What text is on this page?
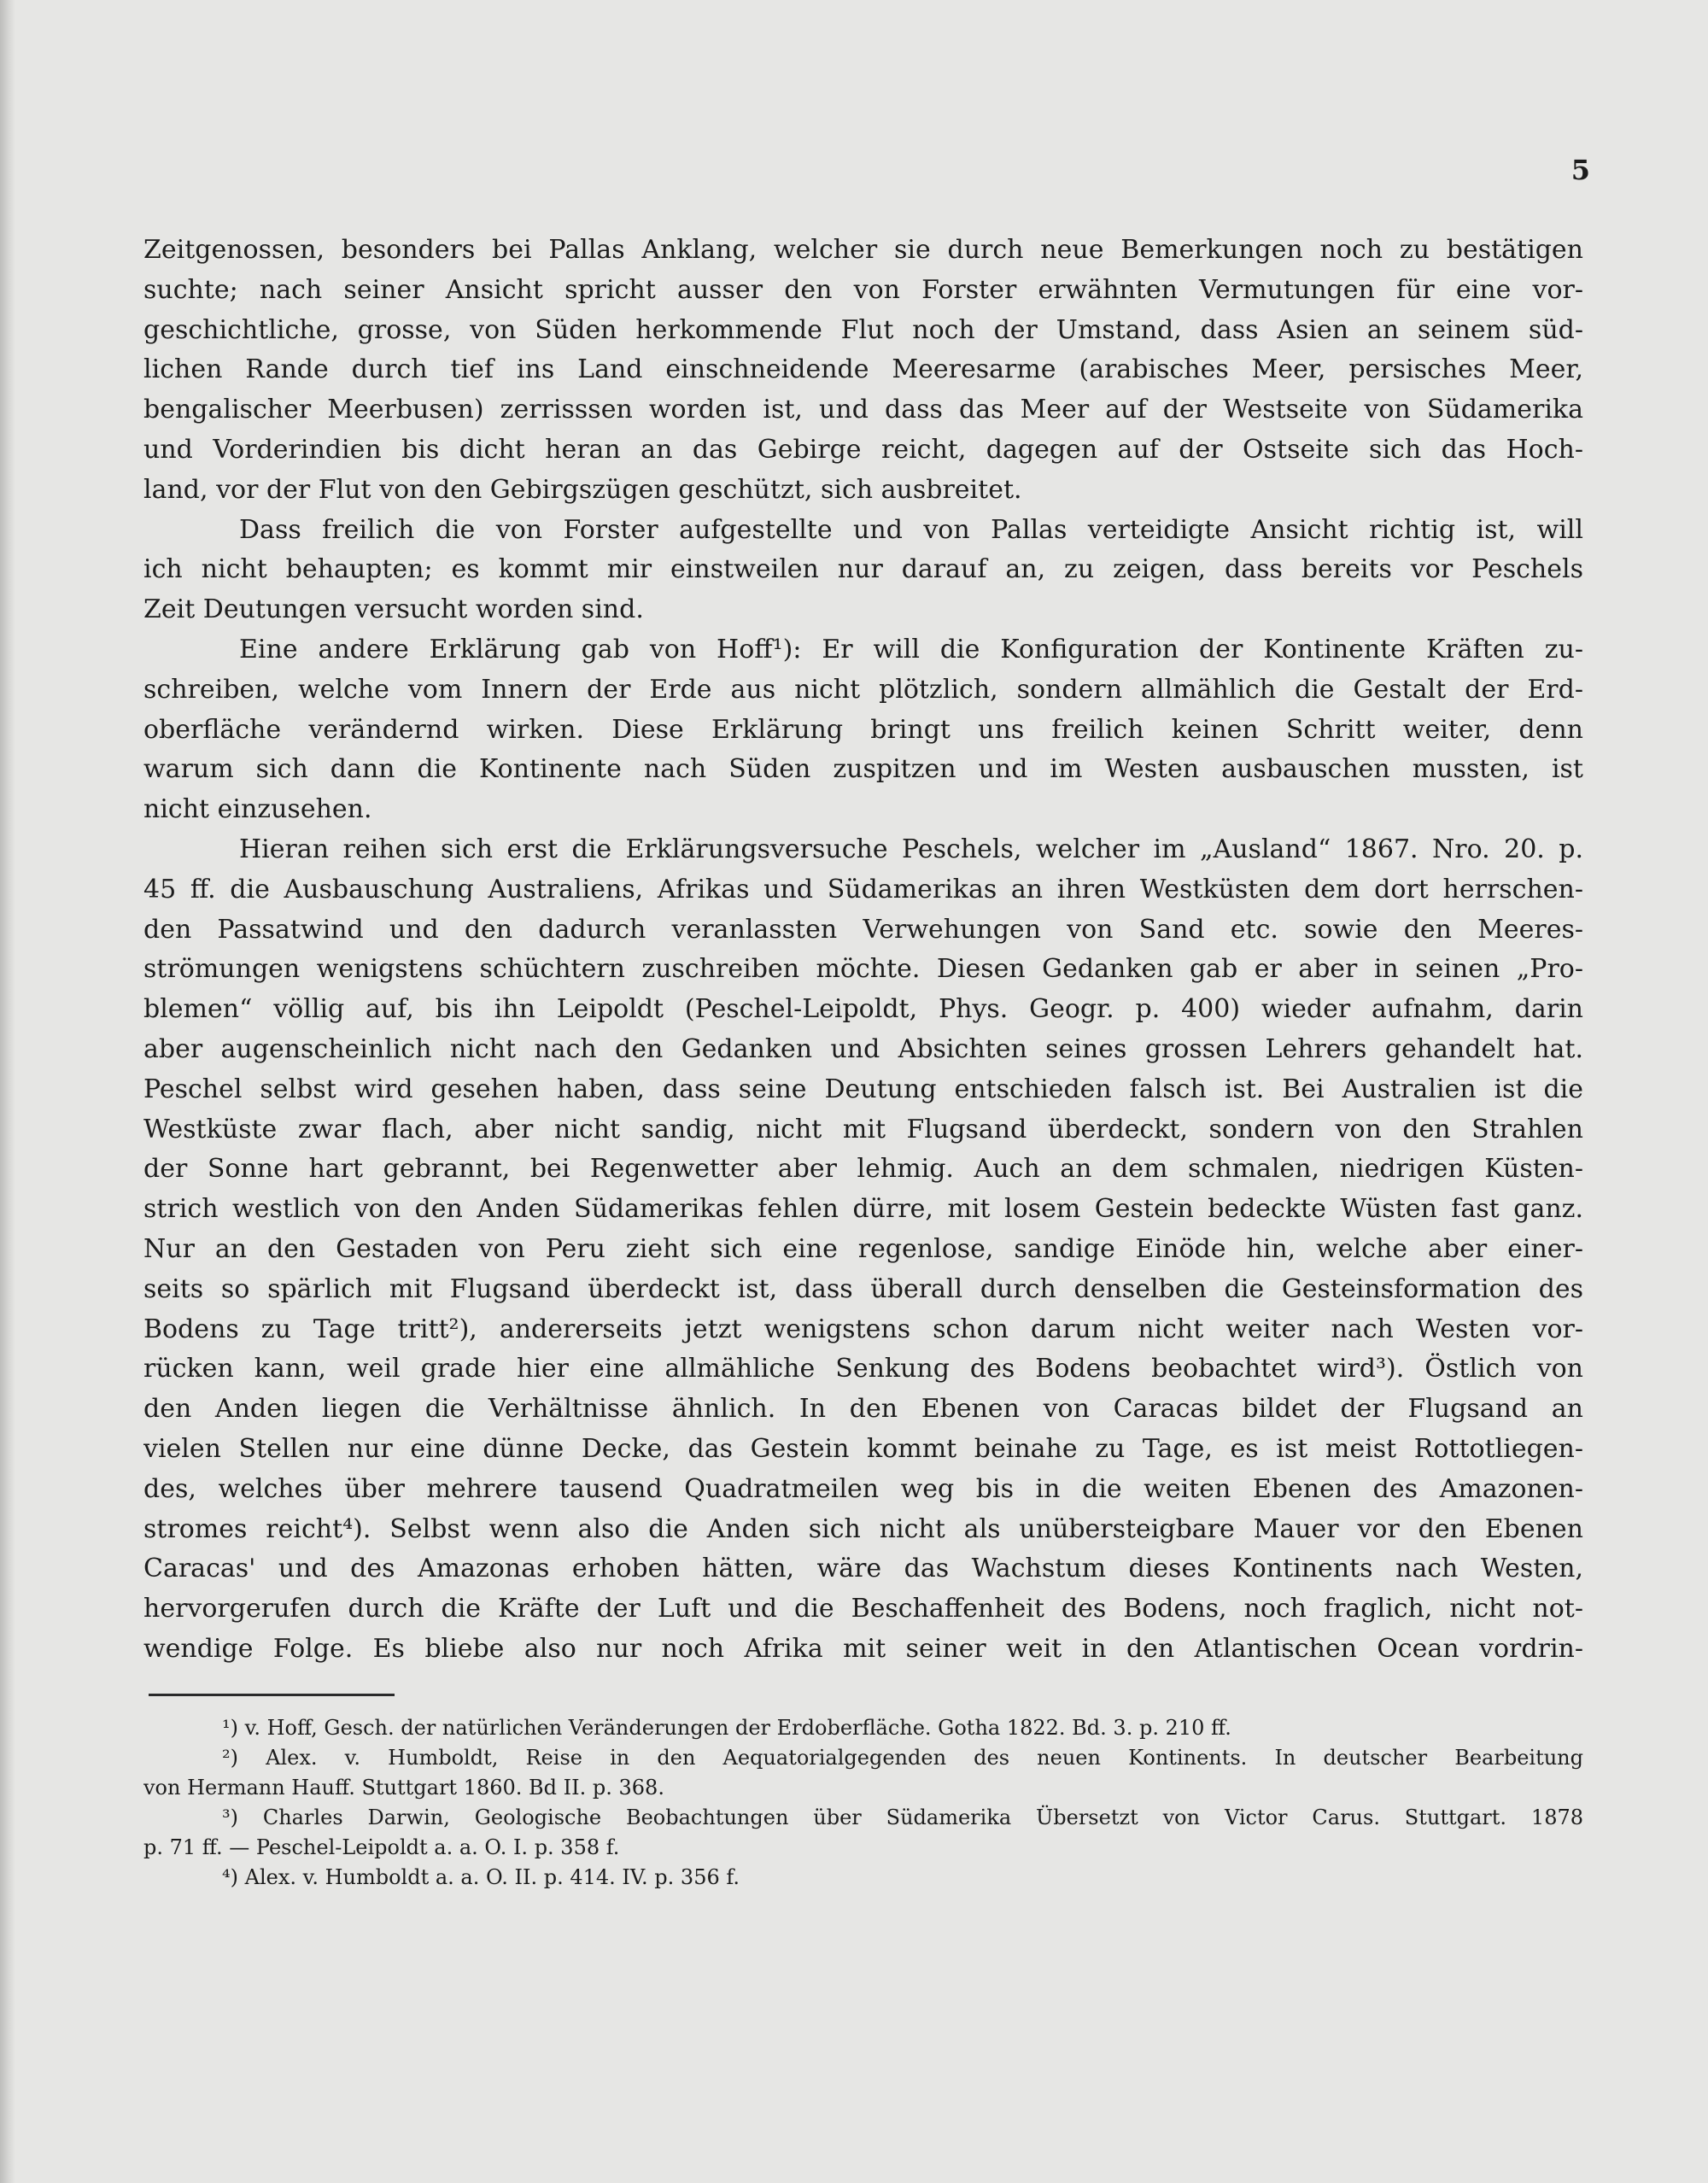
5
Zeitgenossen, besonders bei Pallas Anklang, welcher sie durch neue Bemerkungen noch zu bestätigen
suchte; nach seiner Ansicht spricht ausser den von Forster erwähnten Vermutungen für eine vor-
geschichtliche, grosse, von Süden herkommende Flut noch der Umstand, dass Asien an seinem süd-
lichen Rande durch tief ins Land einschneidende Meeresarme (arabisches Meer, persisches Meer,
bengalischer Meerbusen) zerrisssen worden ist, und dass das Meer auf der Westseite von Südamerika
und Vorderindien bis dicht heran an das Gebirge reicht, dagegen auf der Ostseite sich das Hoch-
land, vor der Flut von den Gebirgszügen geschützt, sich ausbreitet.
Dass freilich die von Forster aufgestellte und von Pallas verteidigte Ansicht richtig ist, will
ich nicht behaupten; es kommt mir einstweilen nur darauf an, zu zeigen, dass bereits vor Peschels
Zeit Deutungen versucht worden sind.
Eine andere Erklärung gab von Hoff¹): Er will die Konfiguration der Kontinente Kräften zu-
schreiben, welche vom Innern der Erde aus nicht plötzlich, sondern allmählich die Gestalt der Erd-
oberfläche verändernd wirken. Diese Erklärung bringt uns freilich keinen Schritt weiter, denn
warum sich dann die Kontinente nach Süden zuspitzen und im Westen ausbauschen mussten, ist
nicht einzusehen.
Hieran reihen sich erst die Erklärungsversuche Peschels, welcher im „Ausland“ 1867. Nro. 20. p.
45 ff. die Ausbauschung Australiens, Afrikas und Südamerikas an ihren Westküsten dem dort herrschen-
den Passatwind und den dadurch veranlassten Verwehungen von Sand etc. sowie den Meeres-
strömungen wenigstens schüchtern zuschreiben möchte. Diesen Gedanken gab er aber in seinen „Pro-
blemen“ völlig auf, bis ihn Leipoldt (Peschel-Leipoldt, Phys. Geogr. p. 400) wieder aufnahm, darin
aber augenscheinlich nicht nach den Gedanken und Absichten seines grossen Lehrers gehandelt hat.
Peschel selbst wird gesehen haben, dass seine Deutung entschieden falsch ist. Bei Australien ist die
Westküste zwar flach, aber nicht sandig, nicht mit Flugsand überdeckt, sondern von den Strahlen
der Sonne hart gebrannt, bei Regenwetter aber lehmig. Auch an dem schmalen, niedrigen Küsten-
strich westlich von den Anden Südamerikas fehlen dürre, mit losem Gestein bedeckte Wüsten fast ganz.
Nur an den Gestaden von Peru zieht sich eine regenlose, sandige Einöde hin, welche aber einer-
seits so spärlich mit Flugsand überdeckt ist, dass überall durch denselben die Gesteinsformation des
Bodens zu Tage tritt²), andererseits jetzt wenigstens schon darum nicht weiter nach Westen vor-
rücken kann, weil grade hier eine allmähliche Senkung des Bodens beobachtet wird³). Östlich von
den Anden liegen die Verhältnisse ähnlich. In den Ebenen von Caracas bildet der Flugsand an
vielen Stellen nur eine dünne Decke, das Gestein kommt beinahe zu Tage, es ist meist Rottotliegen-
des, welches über mehrere tausend Quadratmeilen weg bis in die weiten Ebenen des Amazonen-
stromes reicht⁴). Selbst wenn also die Anden sich nicht als unübersteigbare Mauer vor den Ebenen
Caracas' und des Amazonas erhoben hätten, wäre das Wachstum dieses Kontinents nach Westen,
hervorgerufen durch die Kräfte der Luft und die Beschaffenheit des Bodens, noch fraglich, nicht not-
wendige Folge. Es bliebe also nur noch Afrika mit seiner weit in den Atlantischen Ocean vordrin-
¹) v. Hoff, Gesch. der natürlichen Veränderungen der Erdoberfläche. Gotha 1822. Bd. 3. p. 210 ff.
²) Alex. v. Humboldt, Reise in den Aequatorialgegenden des neuen Kontinents. In deutscher Bearbeitung
von Hermann Hauff. Stuttgart 1860. Bd II. p. 368.
³) Charles Darwin, Geologische Beobachtungen über Südamerika Übersetzt von Victor Carus. Stuttgart. 1878
p. 71 ff. — Peschel-Leipoldt a. a. O. I. p. 358 f.
⁴) Alex. v. Humboldt a. a. O. II. p. 414. IV. p. 356 f.
